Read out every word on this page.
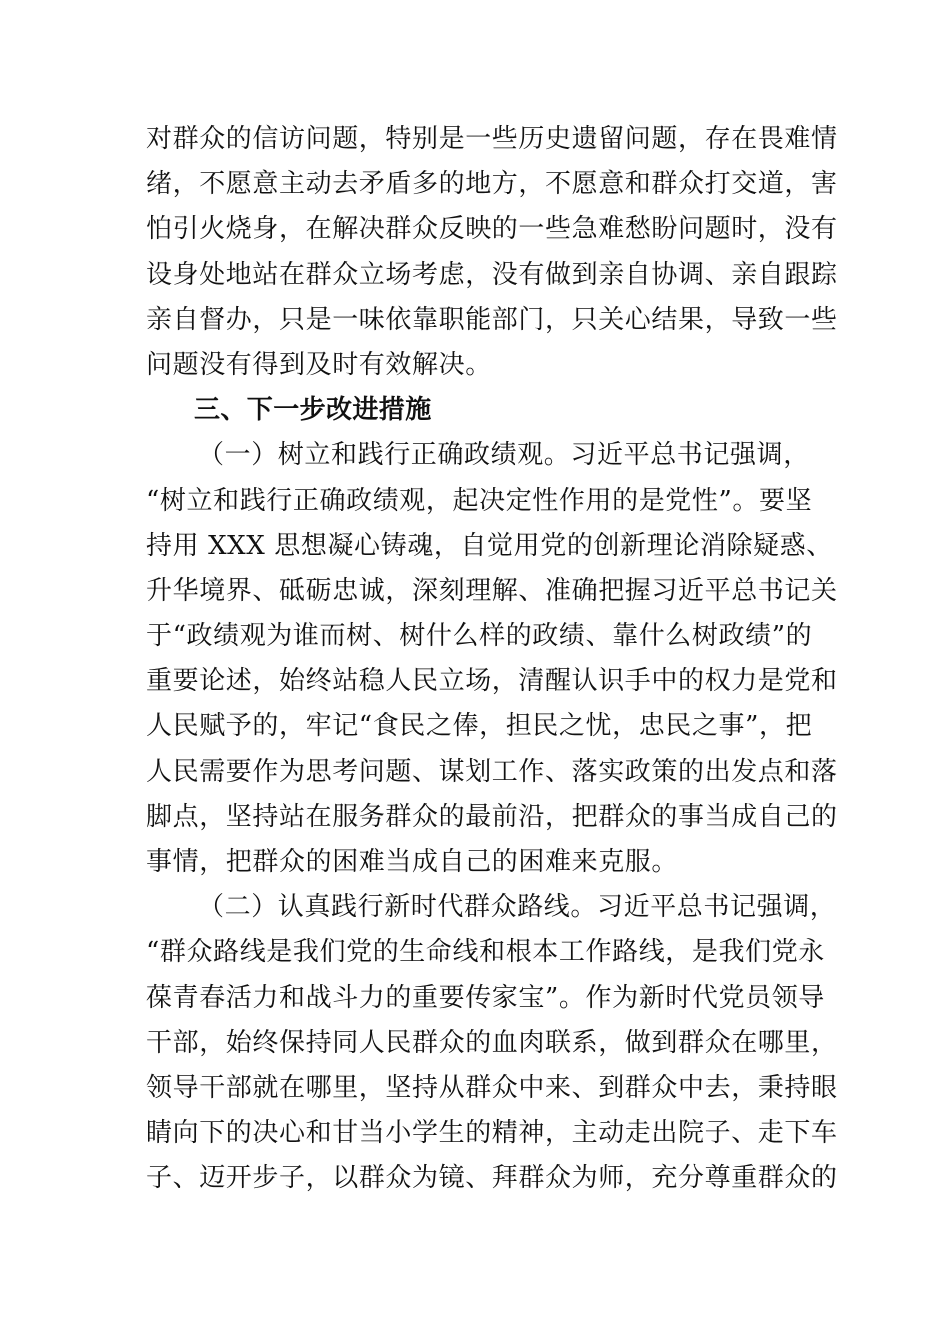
对群众的信访问题，特别是一些历史遗留问题，存在畏难情
绪，不愿意主动去矛盾多的地方，不愿意和群众打交道，害
怕引火烧身，在解决群众反映的一些急难愁盼问题时，没有
设身处地站在群众立场考虑，没有做到亲自协调、亲自跟踪
亲自督办，只是一味依靠职能部门，只关心结果，导致一些
问题没有得到及时有效解决。
三、下一步改进措施
（一）树立和践行正确政绩观。习近平总书记强调，
“树立和践行正确政绩观，起决定性作用的是党性”。要坚
持用 XXX 思想凝心铸魂，自觉用党的创新理论消除疑惑、
升华境界、砥砺忠诚，深刻理解、准确把握习近平总书记关
于“政绩观为谁而树、树什么样的政绩、靠什么树政绩”的
重要论述，始终站稳人民立场，清醒认识手中的权力是党和
人民赋予的，牢记“食民之俸，担民之忧，忠民之事”，把
人民需要作为思考问题、谋划工作、落实政策的出发点和落
脚点，坚持站在服务群众的最前沿，把群众的事当成自己的
事情，把群众的困难当成自己的困难来克服。
（二）认真践行新时代群众路线。习近平总书记强调，
“群众路线是我们党的生命线和根本工作路线，是我们党永
葆青春活力和战斗力的重要传家宝”。作为新时代党员领导
干部，始终保持同人民群众的血肉联系，做到群众在哪里，
领导干部就在哪里，坚持从群众中来、到群众中去，秉持眼
睛向下的决心和甘当小学生的精神，主动走出院子、走下车
子、迈开步子，以群众为镜、拜群众为师，充分尊重群众的
